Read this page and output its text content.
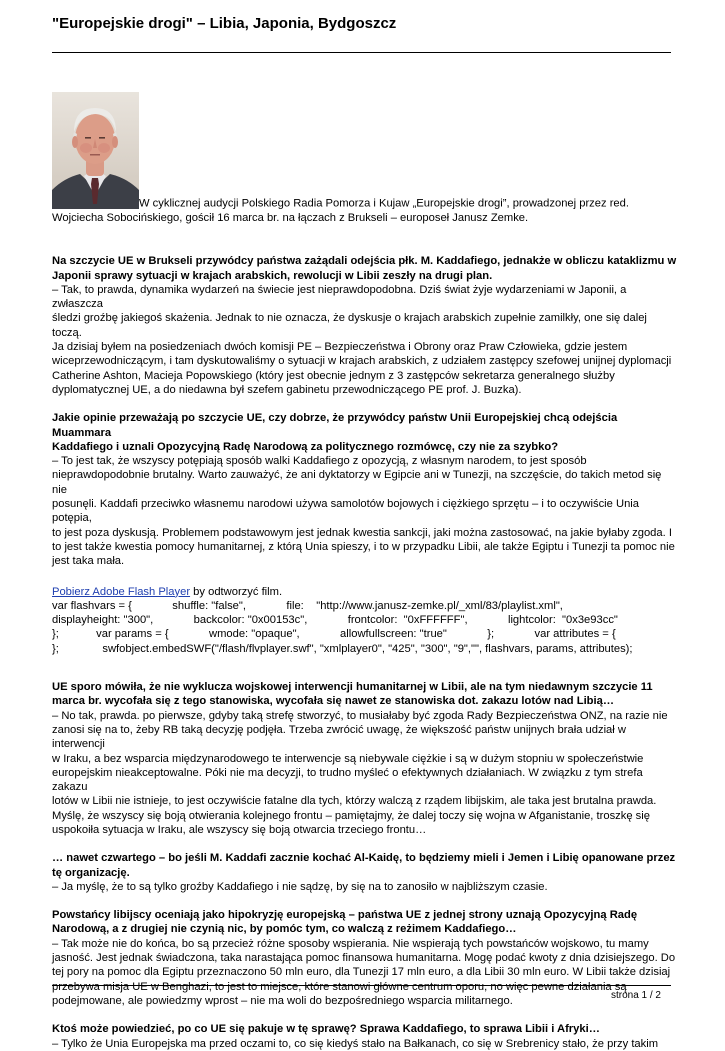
"Europejskie drogi" – Libia, Japonia, Bydgoszcz
W cyklicznej audycji Polskiego Radia Pomorza i Kujaw „Europejskie drogi”, prowadzonej przez red.
Wojciecha Sobocińskiego, gościł 16 marca br. na łączach z Brukseli – europoseł Janusz Zemke.

Na szczycie UE w Brukseli przywódcy państwa zażądali odejścia płk. M. Kaddafiego, jednakże w obliczu kataklizmu w
Japonii sprawy sytuacji w krajach arabskich, rewolucji w Libii zeszły na drugi plan.

– Tak, to prawda, dynamika wydarzeń na świecie jest nieprawdopodobna. Dziś świat żyje wydarzeniami w Japonii, a zwłaszcza
śledzi groźbę jakiegoś skażenia. Jednak to nie oznacza, że dyskusje o krajach arabskich zupełnie zamilkły, one się dalej toczą.
Ja dzisiaj byłem na posiedzeniach dwóch komisji PE – Bezpieczeństwa i Obrony oraz Praw Człowieka, gdzie jestem
wiceprzewodniczącym, i tam dyskutowaliśmy o sytuacji w krajach arabskich, z udziałem zastępcy szefowej unijnej dyplomacji
Catherine Ashton, Macieja Popowskiego (który jest obecnie jednym z 3 zastępców sekretarza generalnego służby
dyplomatycznej UE, a do niedawna był szefem gabinetu przewodniczącego PE prof. J. Buzka).

Jakie opinie przeważają po szczycie UE, czy dobrze, że przywódcy państw Unii Europejskiej chcą odejścia Muammara
Kaddafiego i uznali Opozycyjną Radę Narodową za politycznego rozmówcę, czy nie za szybko?

– To jest tak, że wszyscy potępiają sposób walki Kaddafiego z opozycją, z własnym narodem, to jest sposób
nieprawdopodobnie brutalny. Warto zauważyć, że ani dyktatorzy w Egipcie ani w Tunezji, na szczęście, do takich metod się nie
posunęli. Kaddafi przeciwko własnemu narodowi używa samolotów bojowych i ciężkiego sprzętu – i to oczywiście Unia potępia,
to jest poza dyskusją. Problemem podstawowym jest jednak kwestia sankcji, jaki można zastosować, na jakie byłaby zgoda. I
to jest także kwestia pomocy humanitarnej, z którą Unia spieszy, i to w przypadku Libii, ale także Egiptu i Tunezji ta pomoc nie
jest taka mała.

Pobierz Adobe Flash Player by odtworzyć film.
var flashvars = {             shuffle: "false",             file:    "http://www.janusz-zemke.pl/_xml/83/playlist.xml",
displayheight: "300",             backcolor: "0x00153c",             frontcolor:  "0xFFFFFF",             lightcolor:  "0x3e93cc"
};            var params = {             wmode: "opaque",             allowfullscreen: "true"             };             var attributes = {
};              swfobject.embedSWF("/flash/flvplayer.swf", "xmlplayer0", "425", "300", "9","", flashvars, params, attributes);

UE sporo mówiła, że nie wyklucza wojskowej interwencji humanitarnej w Libii, ale na tym niedawnym szczycie 11
marca br. wycofała się z tego stanowiska, wycofała się nawet ze stanowiska dot. zakazu lotów nad Libią…

– No tak, prawda. po pierwsze, gdyby taką strefę stworzyć, to musiałaby być zgoda Rady Bezpieczeństwa ONZ, na razie nie
zanosi się na to, żeby RB taką decyzję podjęła. Trzeba zwrócić uwagę, że większość państw unijnych brała udział w interwencji
w Iraku, a bez wsparcia międzynarodowego te interwencje są niebywale ciężkie i są w dużym stopniu w społeczeństwie
europejskim nieakceptowalne. Póki nie ma decyzji, to trudno myśleć o efektywnych działaniach. W związku z tym strefa zakazu
lotów w Libii nie istnieje, to jest oczywiście fatalne dla tych, którzy walczą z rządem libijskim, ale taka jest brutalna prawda.
Myślę, że wszyscy się boją otwierania kolejnego frontu – pamiętajmy, że dalej toczy się wojna w Afganistanie, troszkę się
uspokoiła sytuacja w Iraku, ale wszyscy się boją otwarcia trzeciego frontu…

… nawet czwartego – bo jeśli M. Kaddafi zacznie kochać Al-Kaidę, to będziemy mieli i Jemen i Libię opanowane przez
tę organizację.

– Ja myślę, że to są tylko groźby Kaddafiego i nie sądzę, by się na to zanosiło w najbliższym czasie.

Powstańcy libijscy oceniają jako hipokryzję europejską – państwa UE z jednej strony uznają Opozycyjną Radę
Narodową, a z drugiej nie czynią nic, by pomóc tym, co walczą z reżimem Kaddafiego…

– Tak może nie do końca, bo są przecież różne sposoby wspierania. Nie wspierają tych powstańców wojskowo, tu mamy
jasność. Jest jednak świadczona, taka narastająca pomoc finansowa humanitarna. Mogę podać kwoty z dnia dzisiejszego. Do
tej pory na pomoc dla Egiptu przeznaczono 50 mln euro, dla Tunezji 17 mln euro, a dla Libii 30 mln euro. W Libii także dzisiaj
przebywa misja UE w Benghazi, to jest to miejsce, które stanowi główne centrum oporu, no więc pewne działania są
podejmowane, ale powiedzmy wprost – nie ma woli do bezpośredniego wsparcia militarnego.

Ktoś może powiedzieć, po co UE się pakuje w tę sprawę? Sprawa Kaddafiego, to sprawa Libii i Afryki…

– Tylko że Unia Europejska ma przed oczami to, co się kiedyś stało na Bałkanach, co się w Srebrenicy stało, że przy takim

strona 1 / 2
